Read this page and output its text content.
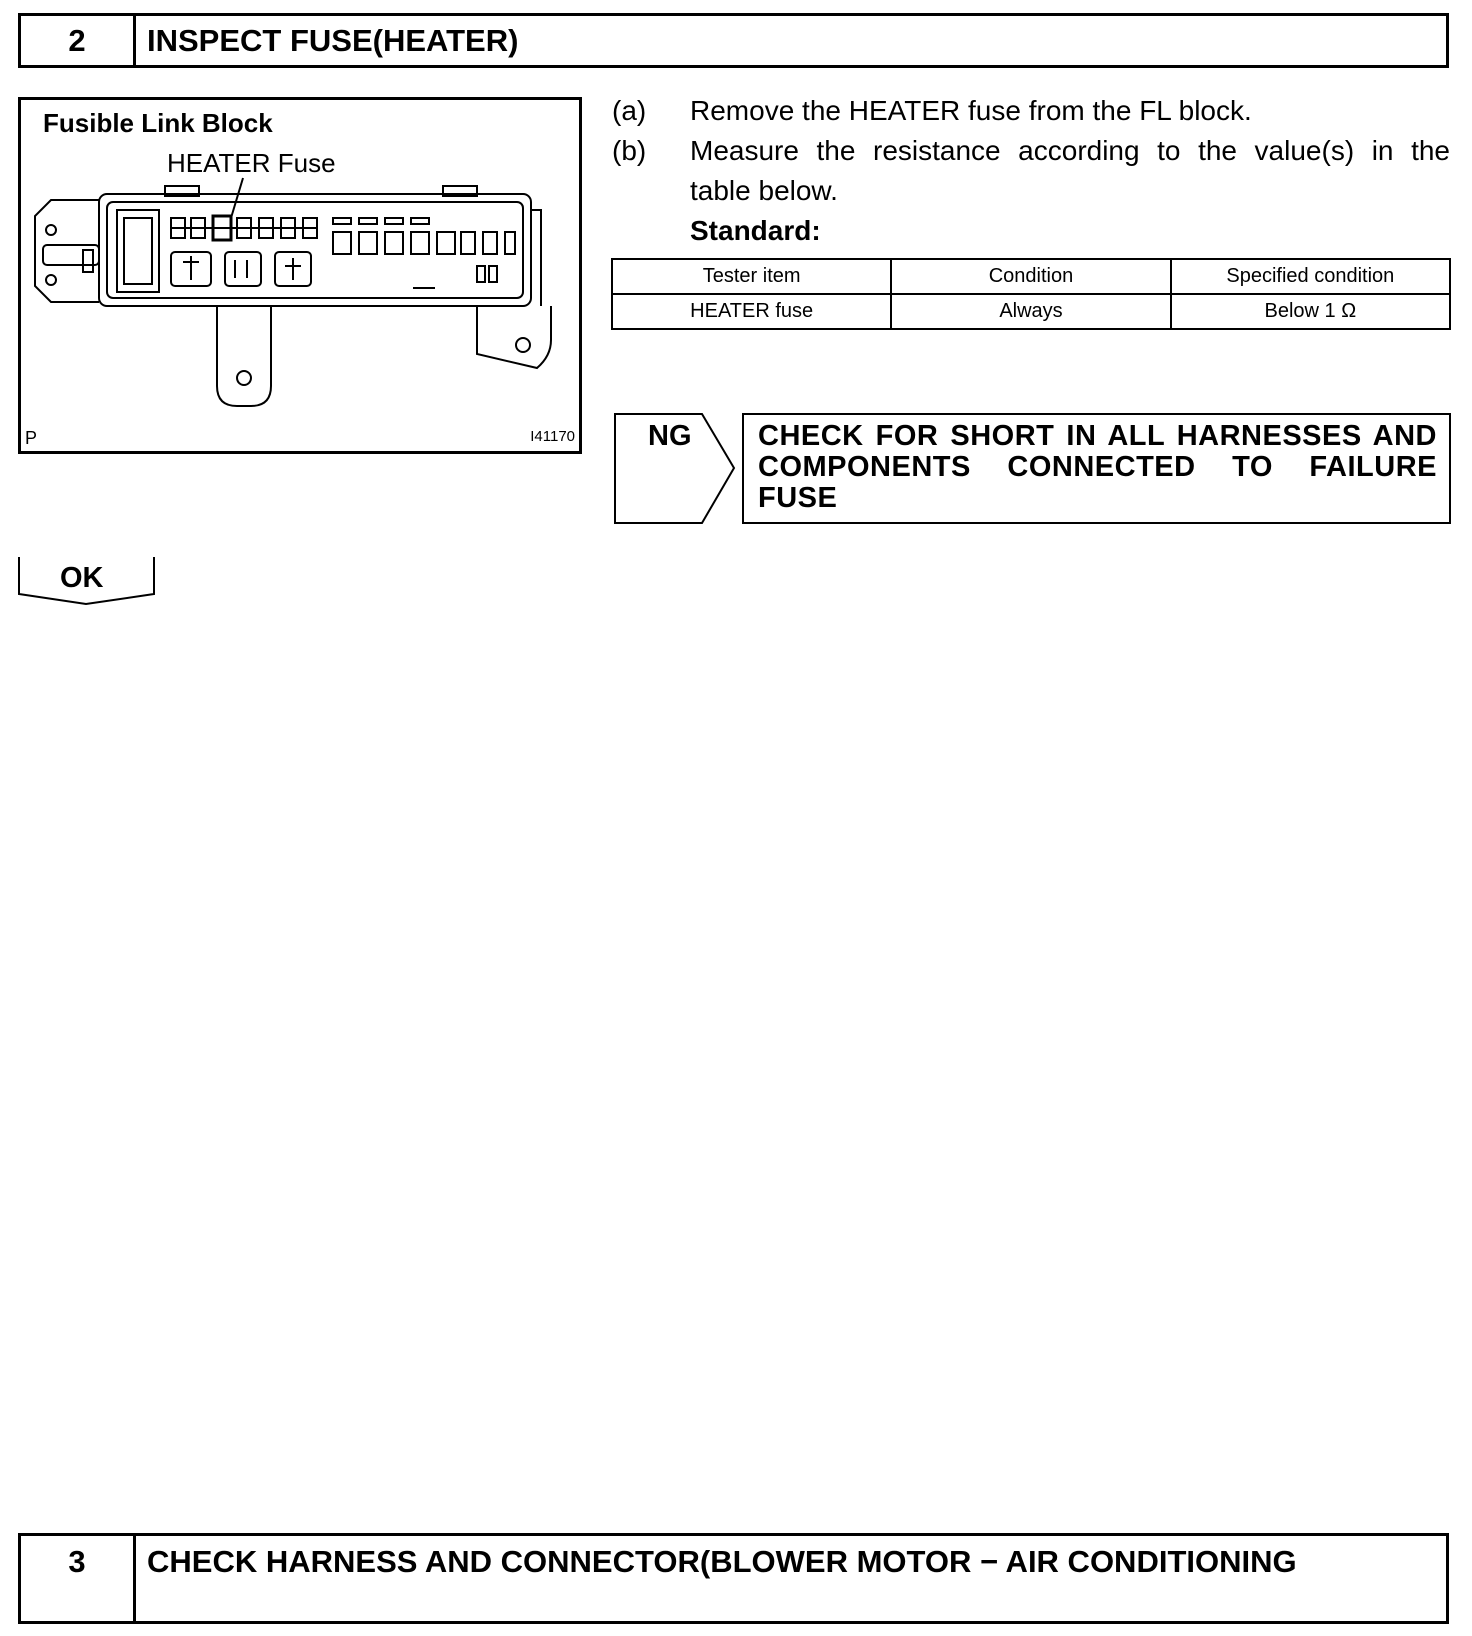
2	INSPECT FUSE(HEATER)
Fusible Link Block
HEATER Fuse
P	I41170
(a) Remove the HEATER fuse from the FL block.
(b) Measure the resistance according to the value(s) in the
table below.
Standard:
Tester item	Condition	Specified condition
HEATER fuse	Always	Below 1 Ω
NG	CHECK FOR SHORT IN ALL HARNESSES AND COMPONENTS CONNECTED TO FAILURE FUSE
OK
3	CHECK HARNESS AND CONNECTOR(BLOWER MOTOR − AIR CONDITIONING
